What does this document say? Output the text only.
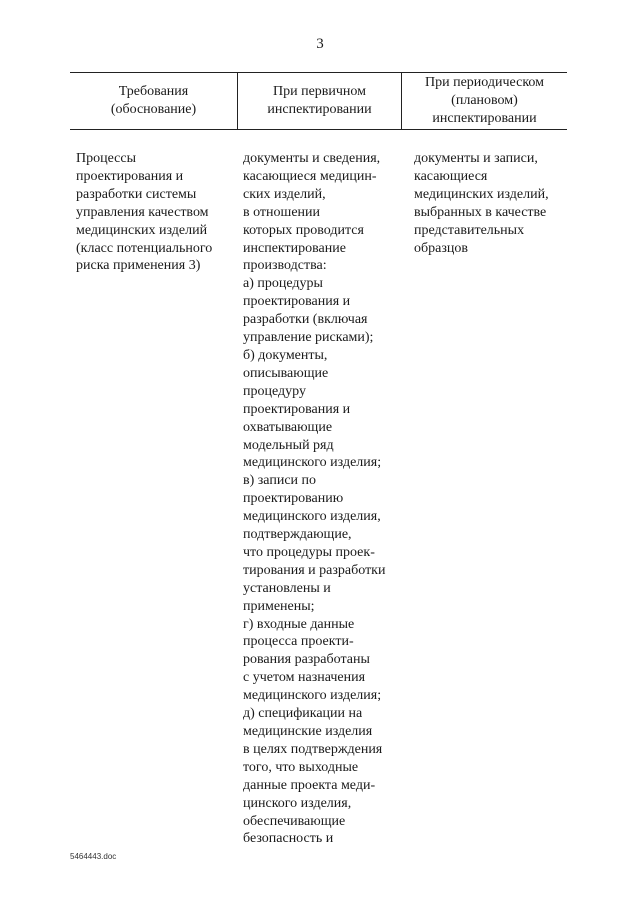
3
Требования
(обоснование)
При первичном
инспектировании
При периодическом
(плановом)
инспектировании
Процессы
проектирования и
разработки системы
управления качеством
медицинских изделий
(класс потенциального
риска применения 3)
документы и сведения,
касающиеся медицин-
ских изделий,
в отношении
которых проводится
инспектирование
производства:
а) процедуры
проектирования и
разработки (включая
управление рисками);
б) документы,
описывающие
процедуру
проектирования и
охватывающие
модельный ряд
медицинского изделия;
в) записи по
проектированию
медицинского изделия,
подтверждающие,
что процедуры проек-
тирования и разработки
установлены и
применены;
г) входные данные
процесса проекти-
рования разработаны
с учетом назначения
медицинского изделия;
д) спецификации на
медицинские изделия
в целях подтверждения
того, что выходные
данные проекта меди-
цинского изделия,
обеспечивающие
безопасность и
документы и записи,
касающиеся
медицинских изделий,
выбранных в качестве
представительных
образцов
5464443.doc
